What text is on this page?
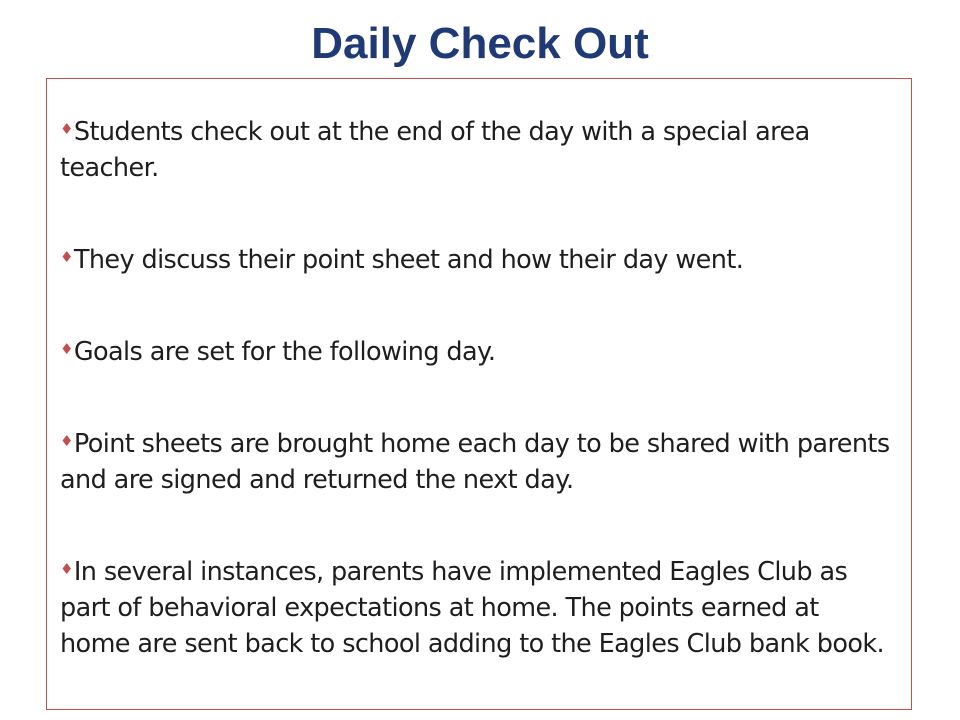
Daily Check Out
♦Students check out at the end of the day with a special area teacher.
♦They discuss their point sheet and how their day went.
♦Goals are set for the following day.
♦Point sheets are brought home each day to be shared with parents and are signed and returned the next day.
♦In several instances, parents have implemented Eagles Club as part of behavioral expectations at home. The points earned at home are sent back to school adding to the Eagles Club bank book.
